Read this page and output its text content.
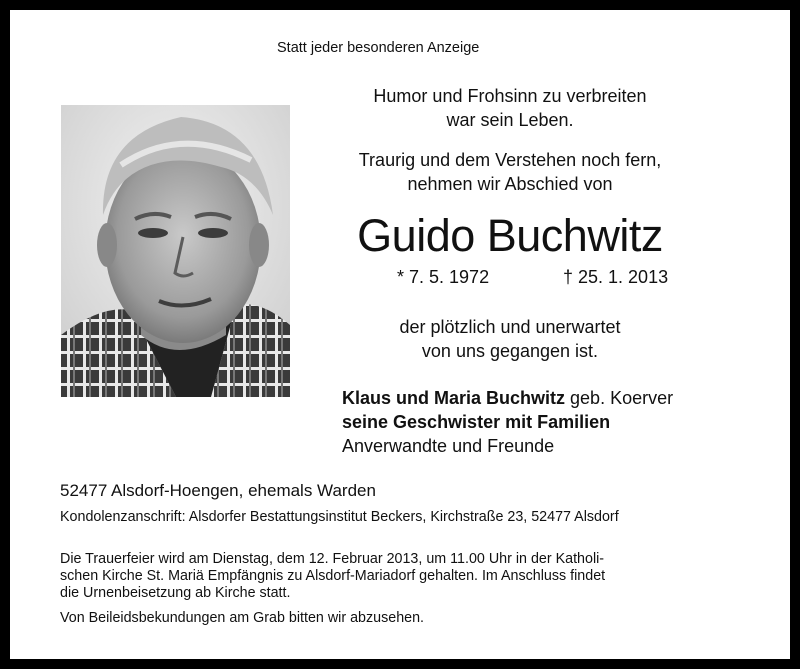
Statt jeder besonderen Anzeige
Humor und Frohsinn zu verbreiten
war sein Leben.
Traurig und dem Verstehen noch fern,
nehmen wir Abschied von
Guido Buchwitz
* 7. 5. 1972	† 25. 1. 2013
der plötzlich und unerwartet
von uns gegangen ist.
Klaus und Maria Buchwitz geb. Koerver
seine Geschwister mit Familien
Anverwandte und Freunde
52477 Alsdorf-Hoengen, ehemals Warden
Kondolenzanschrift: Alsdorfer Bestattungsinstitut Beckers, Kirchstraße 23, 52477 Alsdorf
Die Trauerfeier wird am Dienstag, dem 12. Februar 2013, um 11.00 Uhr in der Katholi-
schen Kirche St. Mariä Empfängnis zu Alsdorf-Mariadorf gehalten. Im Anschluss findet
die Urnenbeisetzung ab Kirche statt.
Von Beileidsbekundungen am Grab bitten wir abzusehen.
